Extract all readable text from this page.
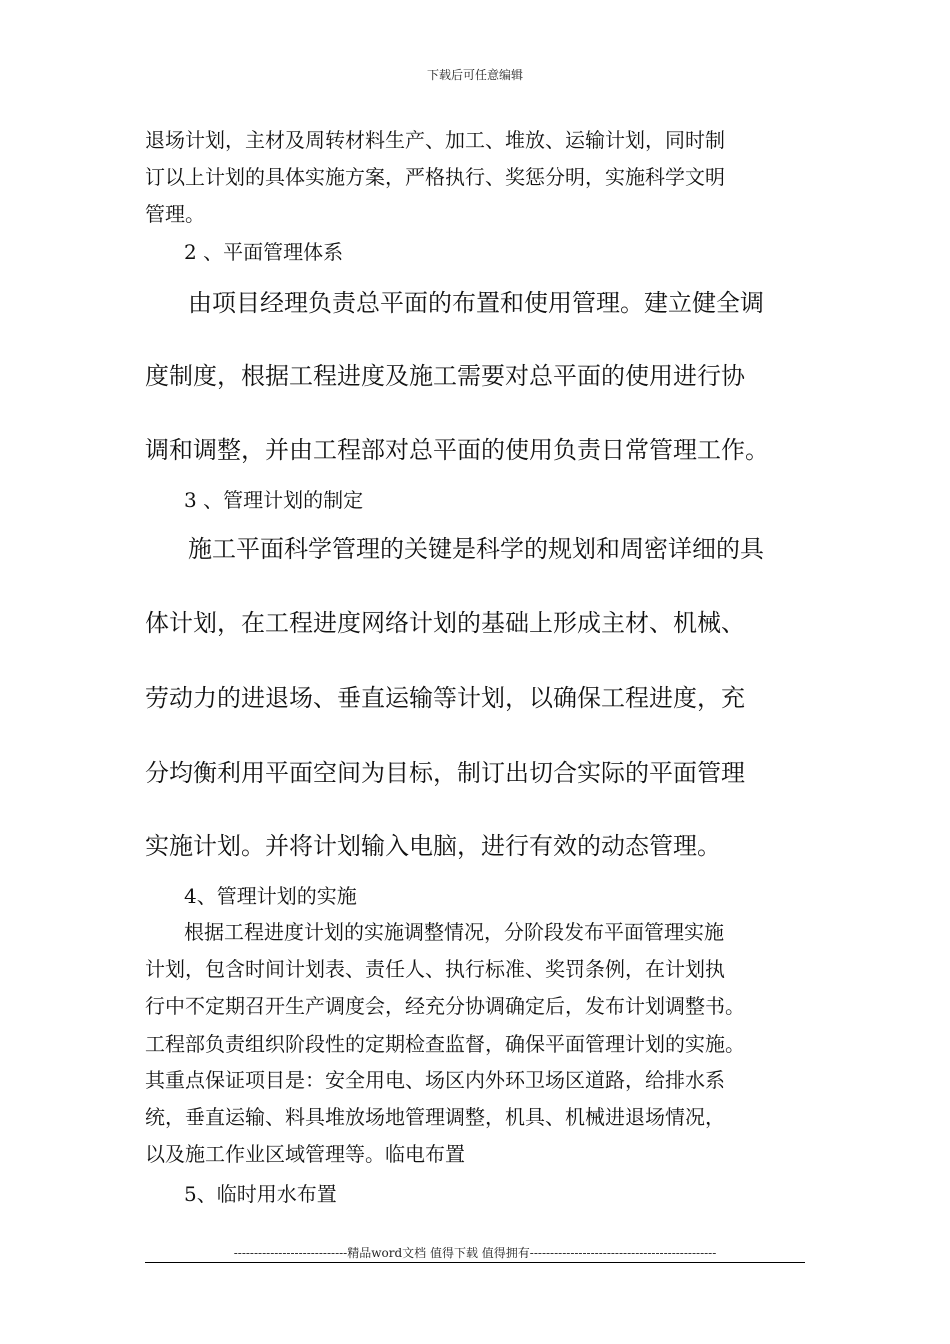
下载后可任意编辑
退场计划，主材及周转材料生产、加工、堆放、运输计划，同时制
订以上计划的具体实施方案，严格执行、奖惩分明，实施科学文明
管理。
2 、平面管理体系
由项目经理负责总平面的布置和使用管理。建立健全调
度制度，根据工程进度及施工需要对总平面的使用进行协
调和调整，并由工程部对总平面的使用负责日常管理工作。
3 、管理计划的制定
施工平面科学管理的关键是科学的规划和周密详细的具
体计划，在工程进度网络计划的基础上形成主材、机械、
劳动力的进退场、垂直运输等计划，以确保工程进度，充
分均衡利用平面空间为目标，制订出切合实际的平面管理
实施计划。并将计划输入电脑，进行有效的动态管理。
4、管理计划的实施
根据工程进度计划的实施调整情况，分阶段发布平面管理实施
计划，包含时间计划表、责任人、执行标准、奖罚条例，在计划执
行中不定期召开生产调度会，经充分协调确定后，发布计划调整书。
工程部负责组织阶段性的定期检查监督，确保平面管理计划的实施。
其重点保证项目是：安全用电、场区内外环卫场区道路，给排水系
统，垂直运输、料具堆放场地管理调整，机具、机械进退场情况，
以及施工作业区域管理等。临电布置
5、临时用水布置
----------------------------精品word文档 值得下载 值得拥有----------------------------------------------
